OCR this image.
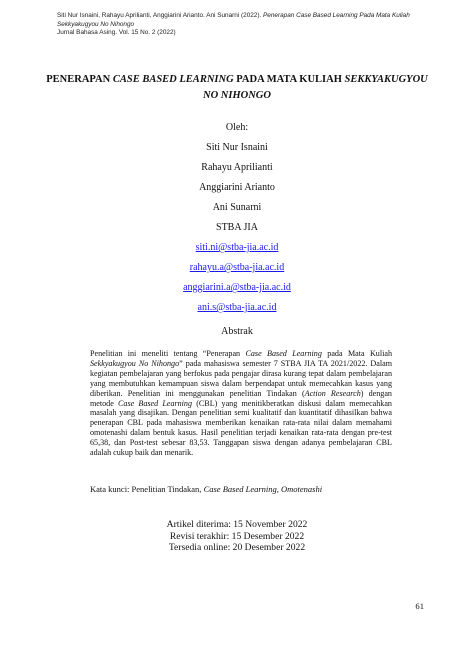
Siti Nur Isnaini, Rahayu Aprilianti, Anggiarini Arianto. Ani Sunarni (2022). Penerapan Case Based Learning Pada Mata Kuliah
Sekkyakugyou No Nihongo
Jurnal Bahasa Asing. Vol. 15 No. 2 (2022)
PENERAPAN CASE BASED LEARNING PADA MATA KULIAH SEKKYAKUGYOU
NO NIHONGO
Oleh:
Siti Nur Isnaini
Rahayu Aprilianti
Anggiarini Arianto
Ani Sunarni
STBA JIA
siti.ni@stba-jia.ac.id
rahayu.a@stba-jia.ac.id
anggiarini.a@stba-jia.ac.id
ani.s@stba-jia.ac.id
Abstrak
Penelitian ini meneliti tentang “Penerapan Case Based Learning pada Mata Kuliah Sekkyakugyou No Nihongo” pada mahasiswa semester 7 STBA JIA TA 2021/2022. Dalam kegiatan pembelajaran yang berfokus pada pengajar dirasa kurang tepat dalam pembelajaran yang membutuhkan kemampuan siswa dalam berpendapat untuk memecahkan kasus yang diberikan. Penelitian ini menggunakan penelitian Tindakan (Action Research) dengan metode Case Based Learning (CBL) yang menitikberatkan diskusi dalam memecahkan masalah yang disajikan. Dengan penelitian semi kualitatif dan kuantitatif dihasilkan bahwa penerapan CBL pada mahasiswa memberikan kenaikan rata-rata nilai dalam memahami omotenashi dalam bentuk kasus. Hasil penelitian terjadi kenaikan rata-rata dengan pre-test 65,38, dan Post-test sebesar 83,53. Tanggapan siswa dengan adanya pembelajaran CBL adalah cukup baik dan menarik.
Kata kunci: Penelitian Tindakan, Case Based Learning, Omotenashi
Artikel diterima: 15 November 2022
Revisi terakhir: 15 Desember 2022
Tersedia online: 20 Desember 2022
61
